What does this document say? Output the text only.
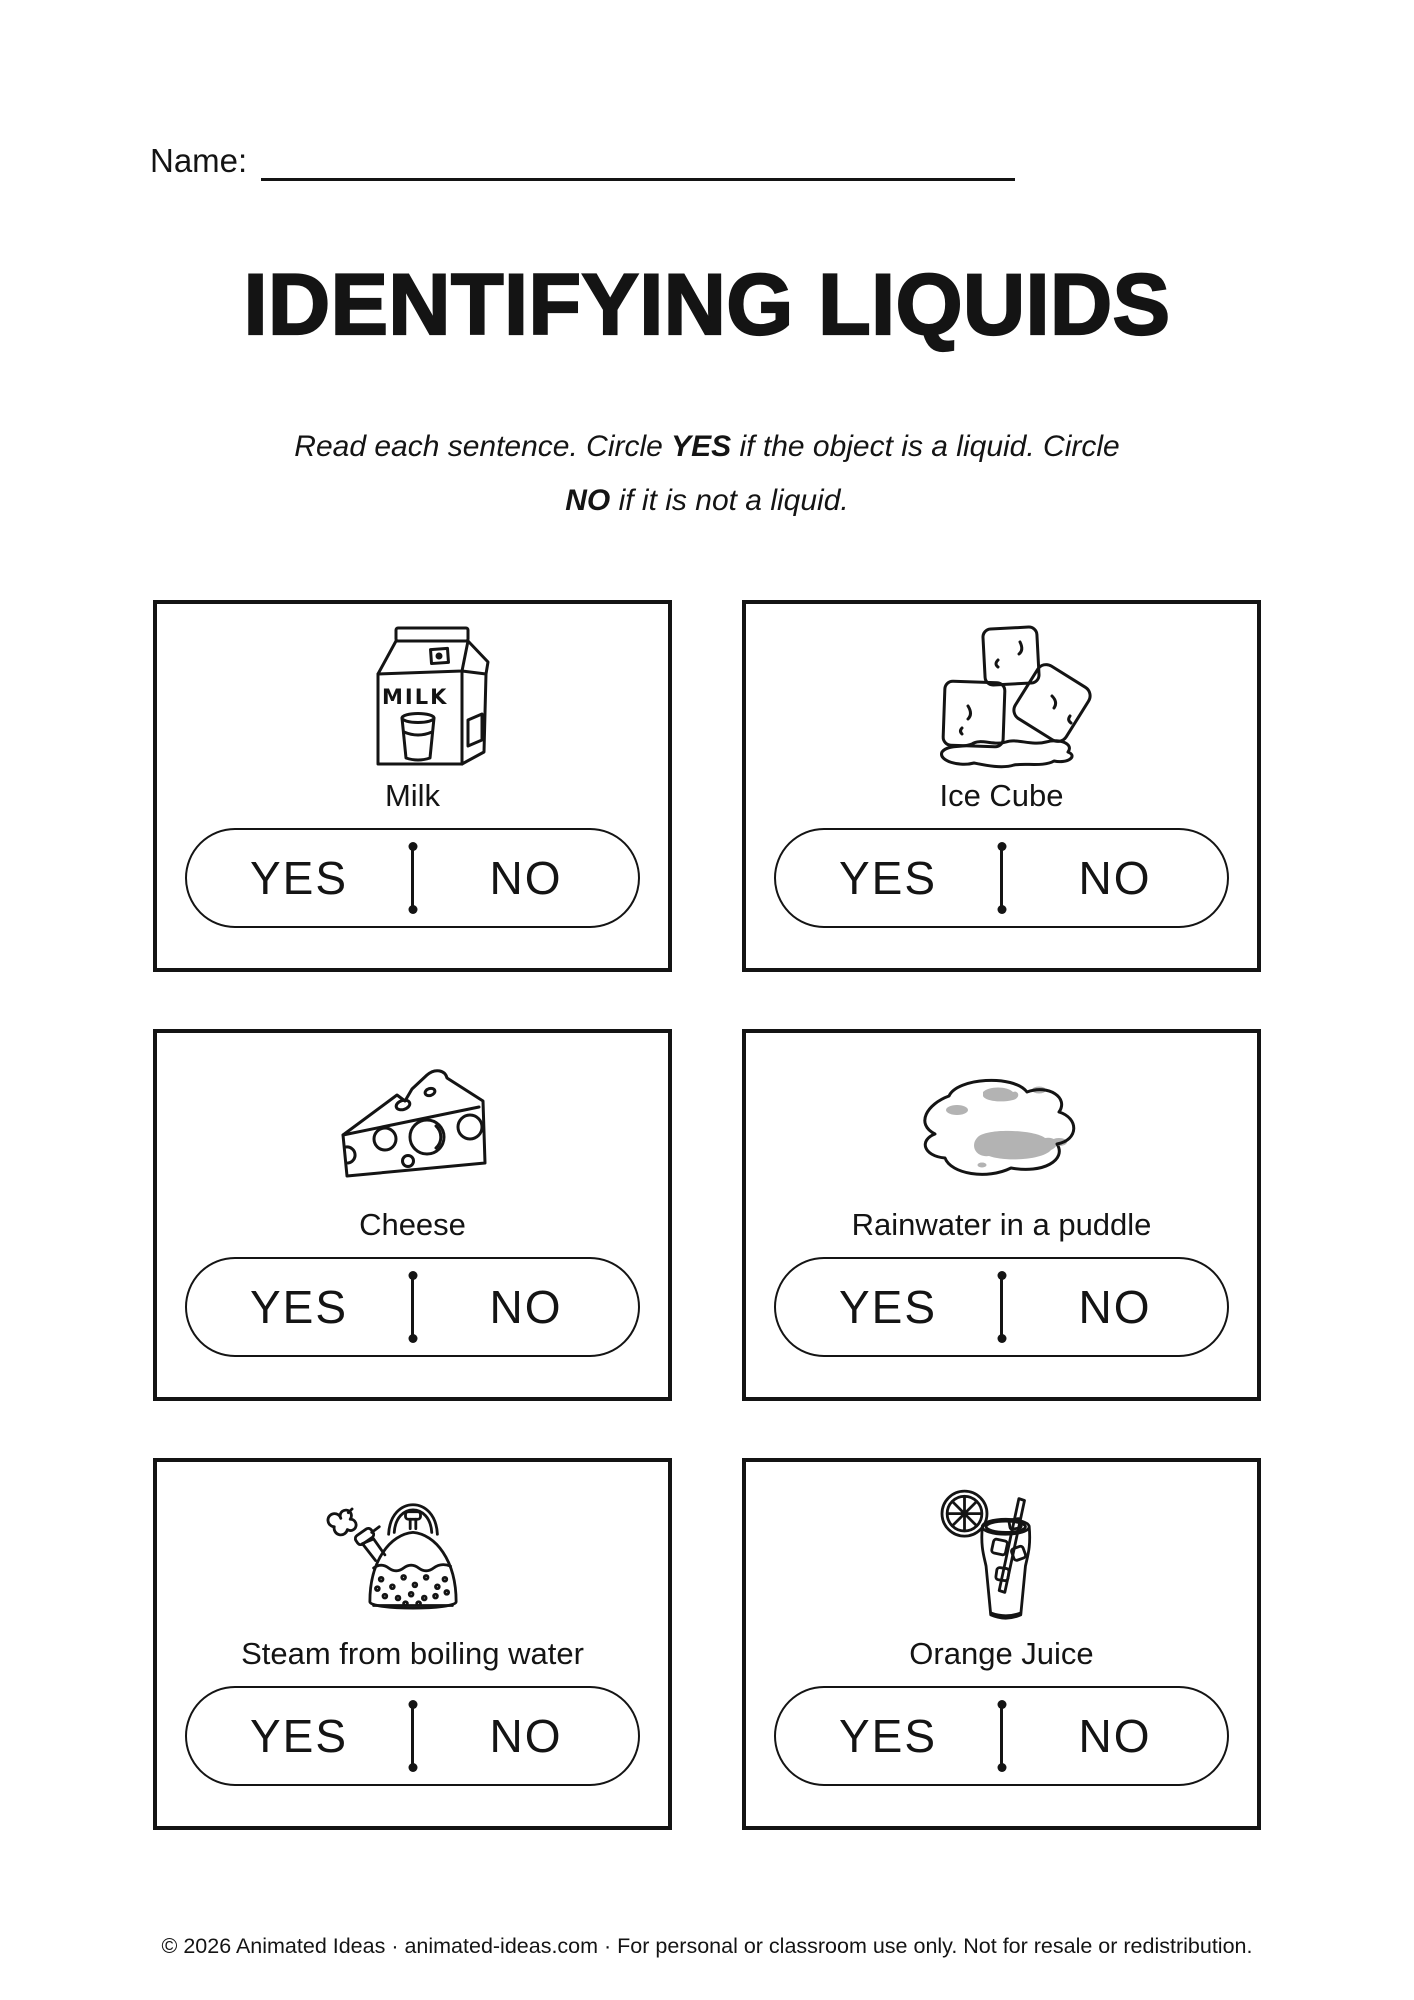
Name:
IDENTIFYING LIQUIDS
Read each sentence. Circle YES if the object is a liquid. Circle
NO if it is not a liquid.
MILK
Milk
YES	NO
Ice Cube
YES	NO
Cheese
YES	NO
Rainwater in a puddle
YES	NO
Steam from boiling water
YES	NO
Orange Juice
YES	NO
© 2026 Animated Ideas · animated-ideas.com · For personal or classroom use only. Not for resale or redistribution.
